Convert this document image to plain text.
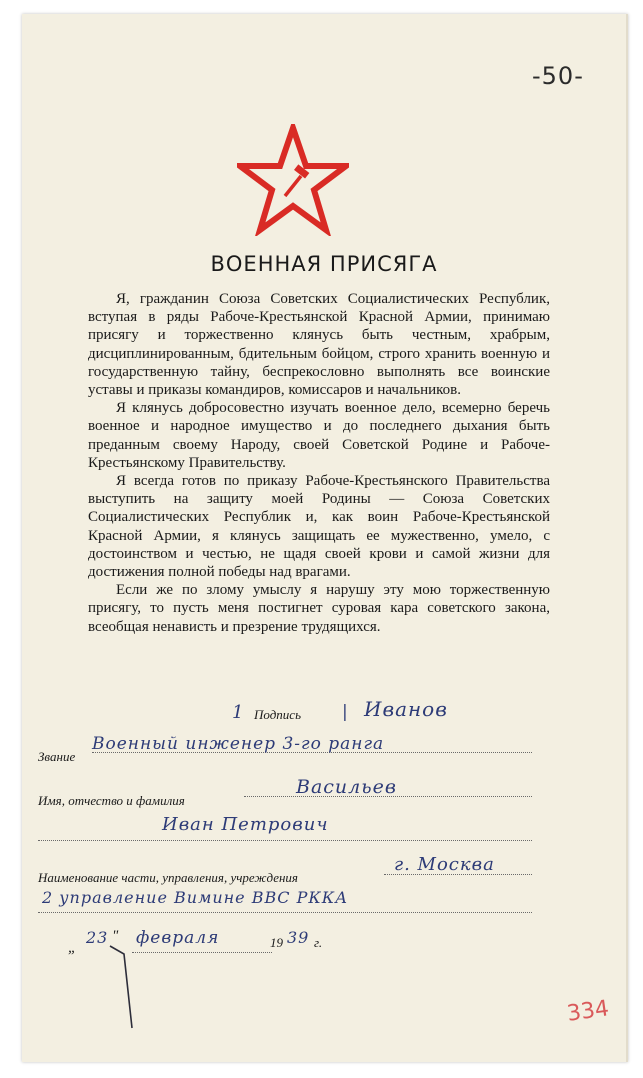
-50-
ВОЕННАЯ ПРИСЯГА

Я, гражданин Союза Советских Социалистических Республик, вступая в ряды Рабоче-Крестьянской Красной Армии, принимаю присягу и торжественно клянусь быть честным, храбрым, дисциплинированным, бдительным бойцом, строго хранить военную и государственную тайну, беспрекословно выполнять все воинские уставы и приказы командиров, комиссаров и начальников.

Я клянусь добросовестно изучать военное дело, всемерно беречь военное и народное имущество и до последнего дыхания быть преданным своему Народу, своей Советской Родине и Рабоче-Крестьянскому Правительству.

Я всегда готов по приказу Рабоче-Крестьянского Правительства выступить на защиту моей Родины — Союза Советских Социалистических Республик и, как воин Рабоче-Крестьянской Красной Армии, я клянусь защищать ее мужественно, умело, с достоинством и честью, не щадя своей крови и самой жизни для достижения полной победы над врагами.

Если же по злому умыслу я нарушу эту мою торжественную присягу, то пусть меня постигнет суровая кара советского закона, всеобщая ненависть и презрение трудящихся.

1 Подпись | Иванов
Звание
Военный инженер 3-го ранга
Имя, отчество и фамилия
Васильев
Иван Петрович
Наименование части, управления, учреждения
г. Москва
2 управление Вимине ВВС РККА
„
23 " февраля	19 39 г.
334
